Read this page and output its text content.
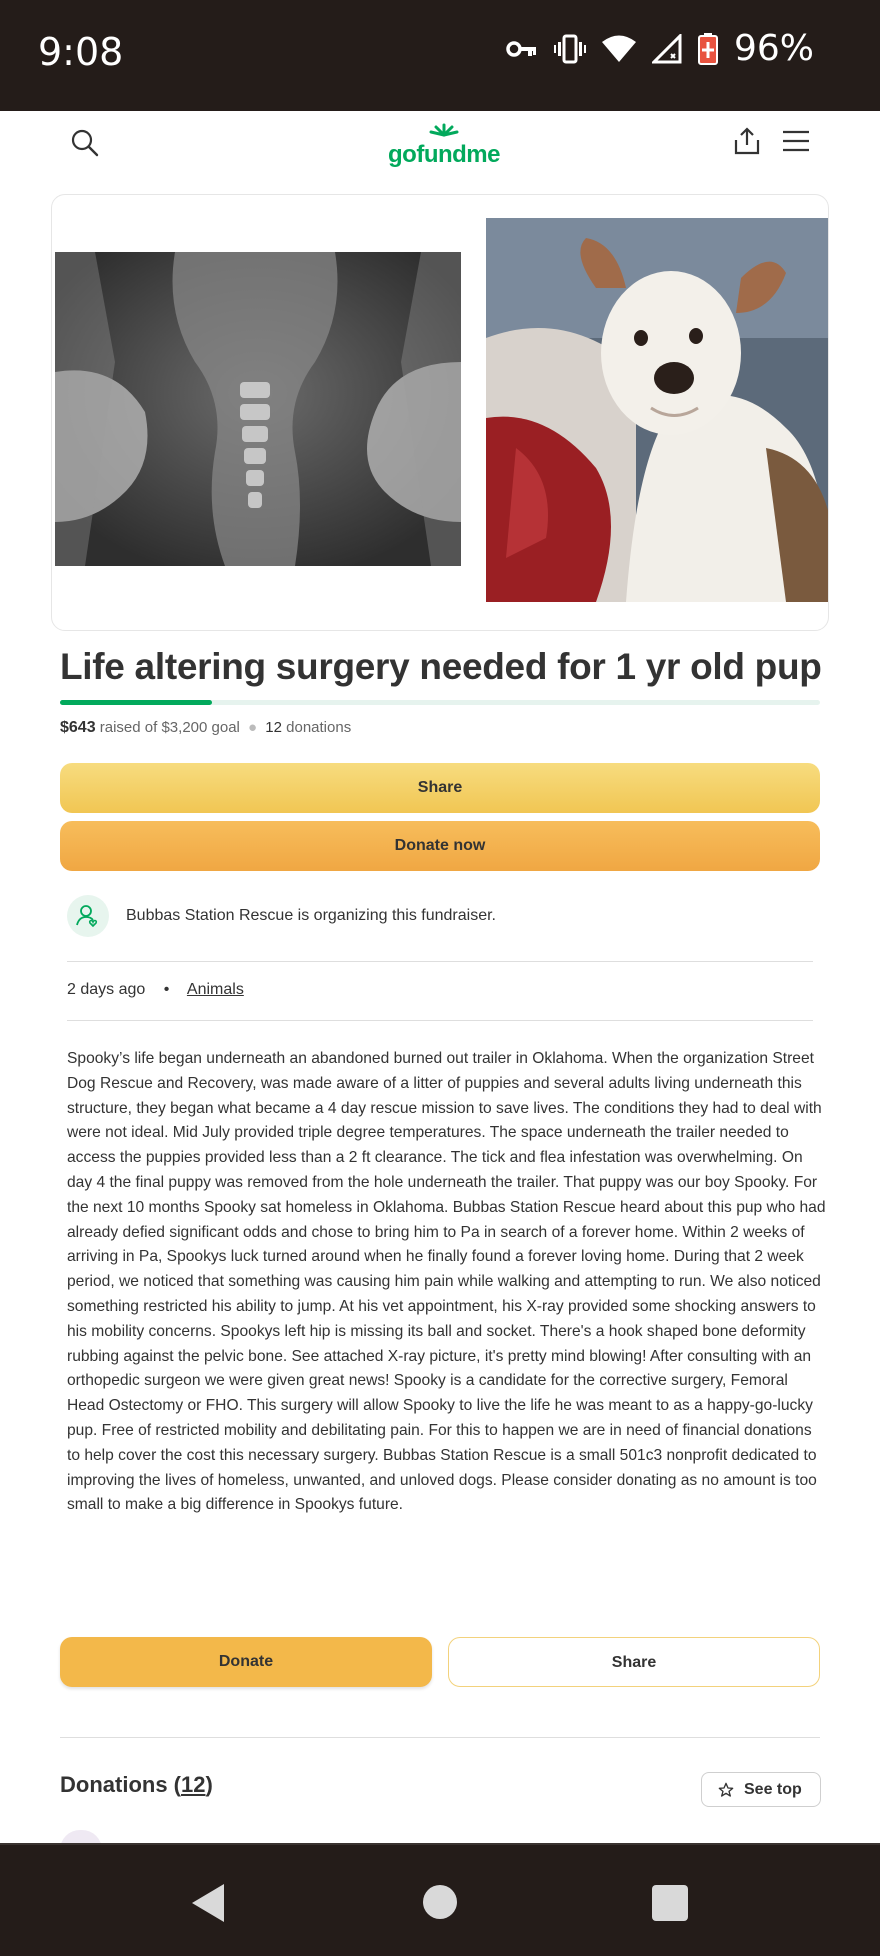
9:08	96%
gofundme
Life altering surgery needed for 1 yr old pup
$643 raised of $3,200 goal ● 12 donations
Share
Donate now
Bubbas Station Rescue is organizing this fundraiser.
2 days ago • Animals
Spooky’s life began underneath an abandoned burned out trailer in Oklahoma. When the organization Street Dog Rescue and Recovery, was made aware of a litter of puppies and several adults living underneath this structure, they began what became a 4 day rescue mission to save lives. The conditions they had to deal with were not ideal. Mid July provided triple degree temperatures. The space underneath the trailer needed to access the puppies provided less than a 2 ft clearance. The tick and flea infestation was overwhelming. On day 4 the final puppy was removed from the hole underneath the trailer. That puppy was our boy Spooky. For the next 10 months Spooky sat homeless in Oklahoma. Bubbas Station Rescue heard about this pup who had already defied significant odds and chose to bring him to Pa in search of a forever home. Within 2 weeks of arriving in Pa, Spookys luck turned around when he finally found a forever loving home. During that 2 week period, we noticed that something was causing him pain while walking and attempting to run. We also noticed something restricted his ability to jump. At his vet appointment, his X-ray provided some shocking answers to his mobility concerns. Spookys left hip is missing its ball and socket. There's a hook shaped bone deformity rubbing against the pelvic bone. See attached X-ray picture, it's pretty mind blowing! After consulting with an orthopedic surgeon we were given great news! Spooky is a candidate for the corrective surgery, Femoral Head Ostectomy or FHO. This surgery will allow Spooky to live the life he was meant to as a happy-go-lucky pup. Free of restricted mobility and debilitating pain. For this to happen we are in need of financial donations to help cover the cost this necessary surgery. Bubbas Station Rescue is a small 501c3 nonprofit dedicated to improving the lives of homeless, unwanted, and unloved dogs. Please consider donating as no amount is too small to make a big difference in Spookys future.
Donate	Share
Donations (12)	See top
